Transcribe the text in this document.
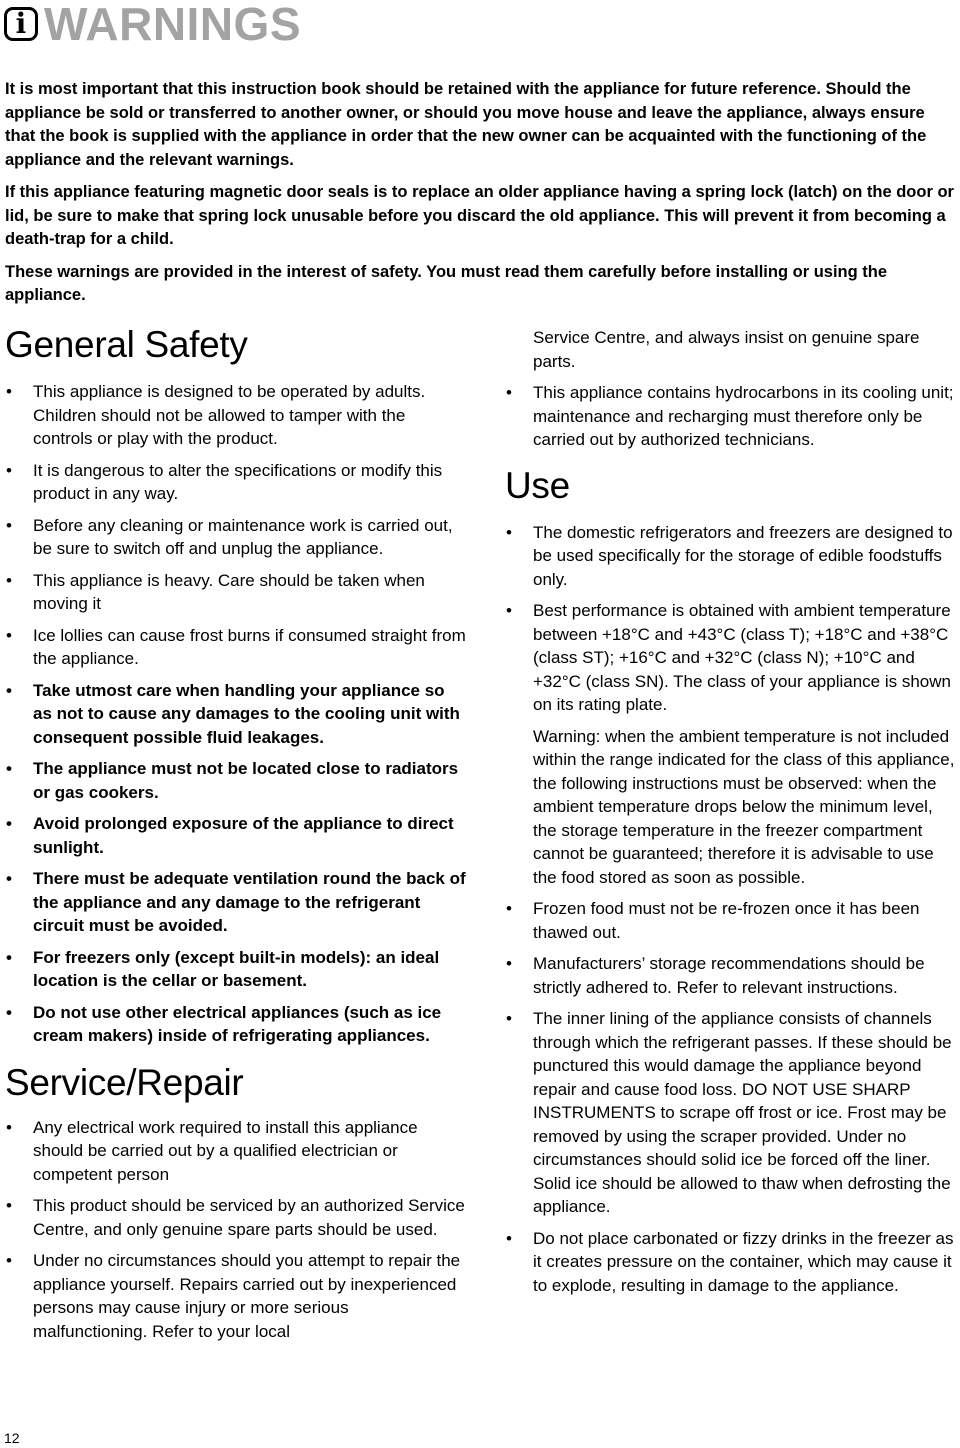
i WARNINGS

It is most important that this instruction book should be retained with the appliance for future reference. Should the appliance be sold or transferred to another owner, or should you move house and leave the appliance, always ensure that the book is supplied with the appliance in order that the new owner can be acquainted with the functioning of the appliance and the relevant warnings.

If this appliance featuring magnetic door seals is to replace an older appliance having a spring lock (latch) on the door or lid, be sure to make that spring lock unusable before you discard the old appliance. This will prevent it from becoming a death-trap for a child.

These warnings are provided in the interest of safety. You must read them carefully before installing or using the appliance.

General Safety
• This appliance is designed to be operated by adults. Children should not be allowed to tamper with the controls or play with the product.
• It is dangerous to alter the specifications or modify this product in any way.
• Before any cleaning or maintenance work is carried out, be sure to switch off and unplug the appliance.
• This appliance is heavy. Care should be taken when moving it
• Ice lollies can cause frost burns if consumed straight from the appliance.
• Take utmost care when handling your appliance so as not to cause any damages to the cooling unit with consequent possible fluid leakages.
• The appliance must not be located close to radiators or gas cookers.
• Avoid prolonged exposure of the appliance to direct sunlight.
• There must be adequate ventilation round the back of the appliance and any damage to the refrigerant circuit must be avoided.
• For freezers only (except built-in models): an ideal location is the cellar or basement.
• Do not use other electrical appliances (such as ice cream makers) inside of refrigerating appliances.
Service/Repair
• Any electrical work required to install this appliance should be carried out by a qualified electrician or competent person
• This product should be serviced by an authorized Service Centre, and only genuine spare parts should be used.
• Under no circumstances should you attempt to repair the appliance yourself. Repairs carried out by inexperienced persons may cause injury or more serious malfunctioning. Refer to your local
Service Centre, and always insist on genuine spare parts.
• This appliance contains hydrocarbons in its cooling unit; maintenance and recharging must therefore only be carried out by authorized technicians.
Use
• The domestic refrigerators and freezers are designed to be used specifically for the storage of edible foodstuffs only.
• Best performance is obtained with ambient temperature between +18°C and +43°C (class T); +18°C and +38°C (class ST); +16°C and +32°C (class N); +10°C and +32°C (class SN). The class of your appliance is shown on its rating plate.

Warning: when the ambient temperature is not included within the range indicated for the class of this appliance, the following instructions must be observed: when the ambient temperature drops below the minimum level, the storage temperature in the freezer compartment cannot be guaranteed; therefore it is advisable to use the food stored as soon as possible.

• Frozen food must not be re-frozen once it has been thawed out.
• Manufacturers’ storage recommendations should be strictly adhered to. Refer to relevant instructions.
• The inner lining of the appliance consists of channels through which the refrigerant passes. If these should be punctured this would damage the appliance beyond repair and cause food loss. DO NOT USE SHARP INSTRUMENTS to scrape off frost or ice. Frost may be removed by using the scraper provided. Under no circumstances should solid ice be forced off the liner. Solid ice should be allowed to thaw when defrosting the appliance.
• Do not place carbonated or fizzy drinks in the freezer as it creates pressure on the container, which may cause it to explode, resulting in damage to the appliance.
12
